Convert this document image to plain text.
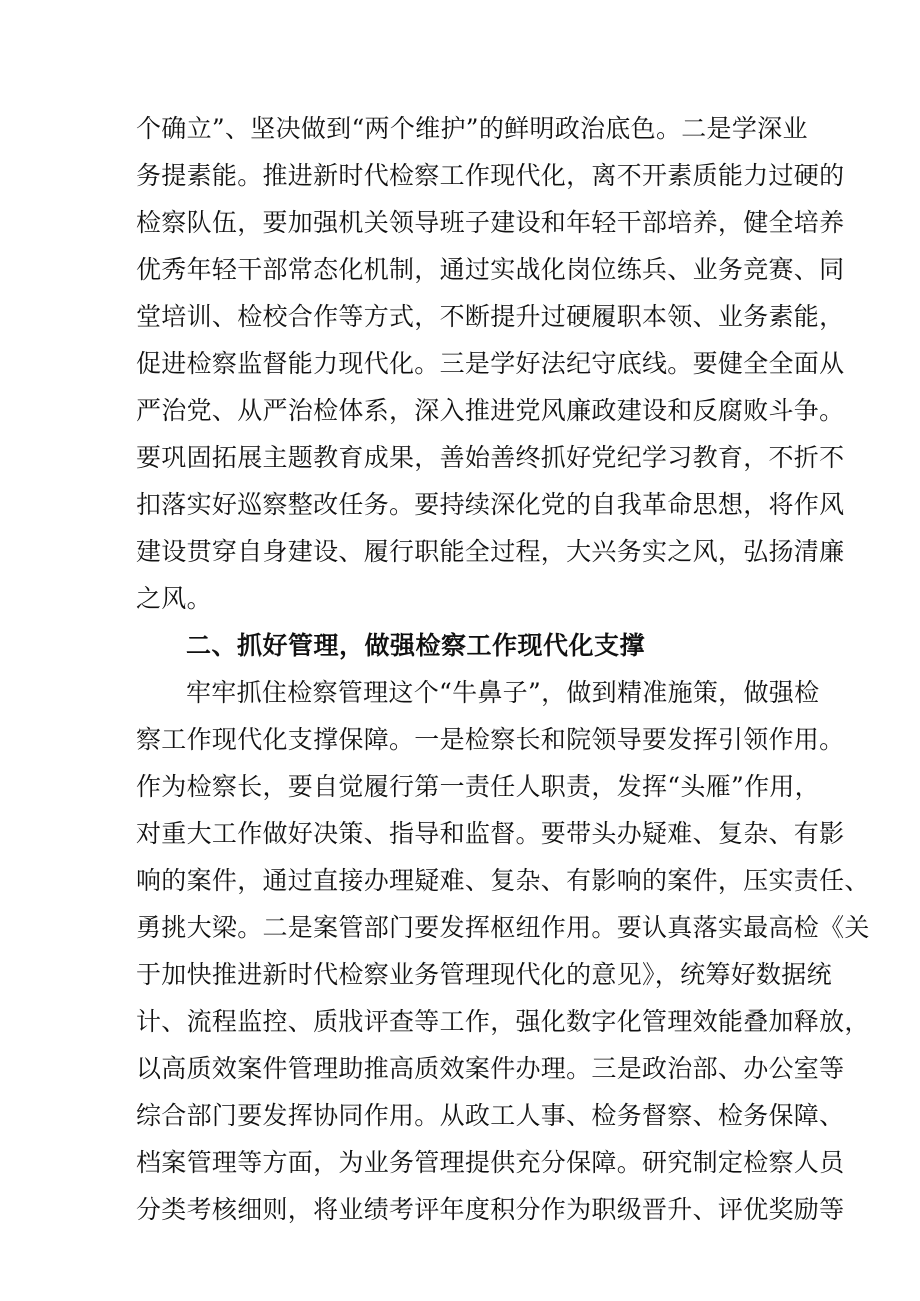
个确立”、坚决做到“两个维护”的鲜明政治底色。二是学深业
务提素能。推进新时代检察工作现代化，离不开素质能力过硬的
检察队伍，要加强机关领导班子建设和年轻干部培养，健全培养
优秀年轻干部常态化机制，通过实战化岗位练兵、业务竞赛、同
堂培训、检校合作等方式，不断提升过硬履职本领、业务素能，
促进检察监督能力现代化。三是学好法纪守底线。要健全全面从
严治党、从严治检体系，深入推进党风廉政建设和反腐败斗争。
要巩固拓展主题教育成果，善始善终抓好党纪学习教育，不折不
扣落实好巡察整改任务。要持续深化党的自我革命思想，将作风
建设贯穿自身建设、履行职能全过程，大兴务实之风，弘扬清廉
之风。
二、抓好管理，做强检察工作现代化支撑
牢牢抓住检察管理这个“牛鼻子”，做到精准施策，做强检
察工作现代化支撑保障。一是检察长和院领导要发挥引领作用。
作为检察长，要自觉履行第一责任人职责，发挥“头雁”作用，
对重大工作做好决策、指导和监督。要带头办疑难、复杂、有影
响的案件，通过直接办理疑难、复杂、有影响的案件，压实责任、
勇挑大梁。二是案管部门要发挥枢纽作用。要认真落实最高检《关
于加快推进新时代检察业务管理现代化的意见》，统筹好数据统
计、流程监控、质戕评查等工作，强化数字化管理效能叠加释放，
以高质效案件管理助推高质效案件办理。三是政治部、办公室等
综合部门要发挥协同作用。从政工人事、检务督察、检务保障、
档案管理等方面，为业务管理提供充分保障。研究制定检察人员
分类考核细则，将业绩考评年度积分作为职级晋升、评优奖励等
